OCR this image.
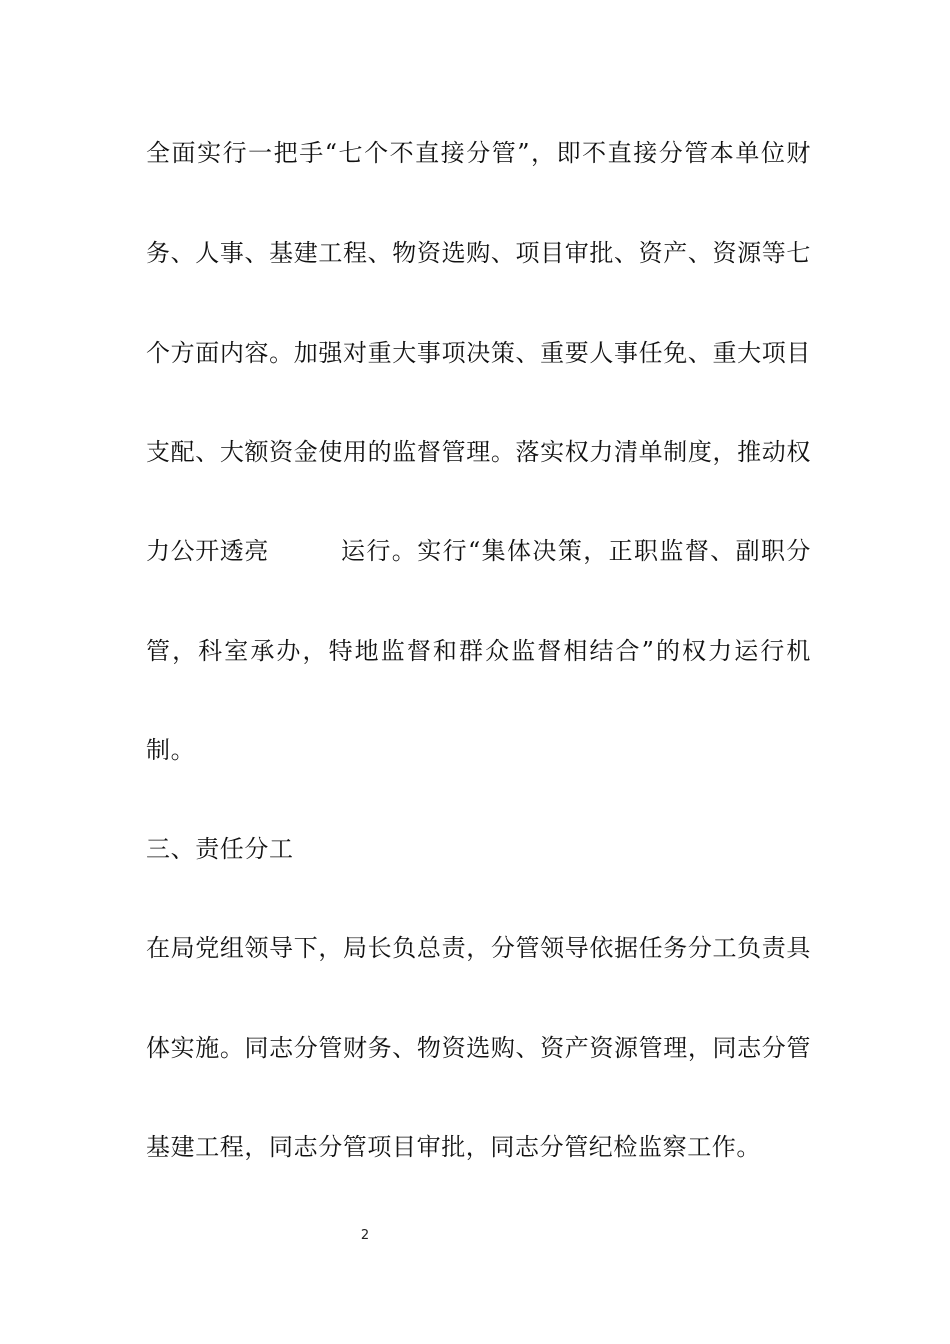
全面实行一把手“七个不直接分管”，即不直接分管本单位财
务、人事、基建工程、物资选购、项目审批、资产、资源等七
个方面内容。加强对重大事项决策、重要人事任免、重大项目
支配、大额资金使用的监督管理。落实权力清单制度，推动权
力公开透亮	运行。实行“集体决策，正职监督、副职分
管，科室承办，特地监督和群众监督相结合”的权力运行机
制。
三、责任分工
在局党组领导下，局长负总责，分管领导依据任务分工负责具
体实施。同志分管财务、物资选购、资产资源管理，同志分管
基建工程，同志分管项目审批，同志分管纪检监察工作。
2
